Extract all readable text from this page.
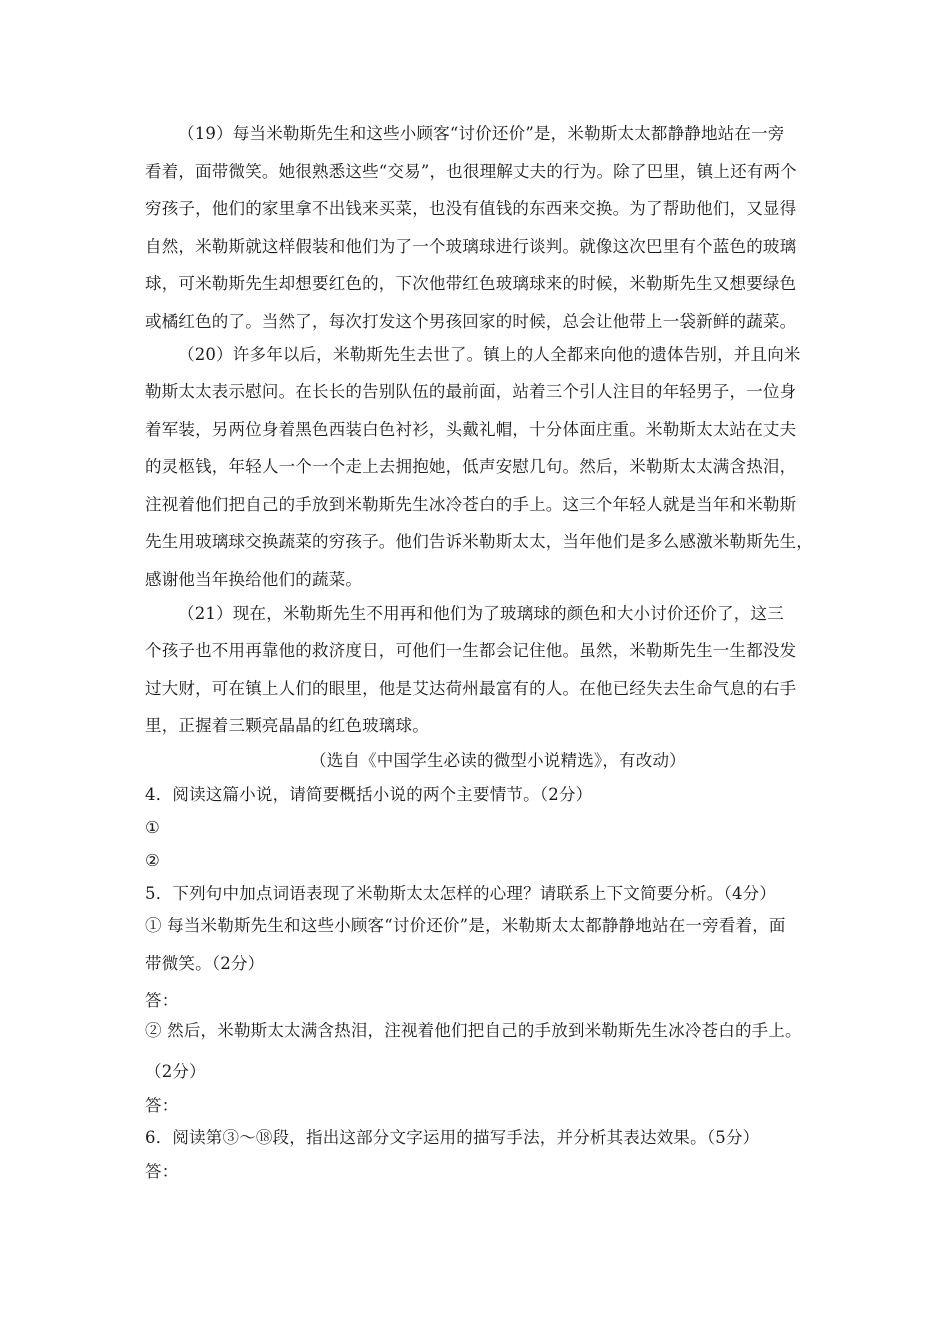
（19）每当米勒斯先生和这些小顾客“讨价还价”是，米勒斯太太都静静地站在一旁
看着，面带微笑。她很熟悉这些“交易”，也很理解丈夫的行为。除了巴里，镇上还有两个
穷孩子，他们的家里拿不出钱来买菜，也没有值钱的东西来交换。为了帮助他们，又显得
自然，米勒斯就这样假装和他们为了一个玻璃球进行谈判。就像这次巴里有个蓝色的玻璃
球，可米勒斯先生却想要红色的，下次他带红色玻璃球来的时候，米勒斯先生又想要绿色
或橘红色的了。当然了，每次打发这个男孩回家的时候，总会让他带上一袋新鲜的蔬菜。
（20）许多年以后，米勒斯先生去世了。镇上的人全都来向他的遗体告别，并且向米
勒斯太太表示慰问。在长长的告别队伍的最前面，站着三个引人注目的年轻男子，一位身
着军装，另两位身着黑色西装白色衬衫，头戴礼帽，十分体面庄重。米勒斯太太站在丈夫
的灵柩钱，年轻人一个一个走上去拥抱她，低声安慰几句。然后，米勒斯太太满含热泪，
注视着他们把自己的手放到米勒斯先生冰冷苍白的手上。这三个年轻人就是当年和米勒斯
先生用玻璃球交换蔬菜的穷孩子。他们告诉米勒斯太太，当年他们是多么感激米勒斯先生，
感谢他当年换给他们的蔬菜。
（21）现在，米勒斯先生不用再和他们为了玻璃球的颜色和大小讨价还价了，这三
个孩子也不用再靠他的救济度日，可他们一生都会记住他。虽然，米勒斯先生一生都没发
过大财，可在镇上人们的眼里，他是艾达荷州最富有的人。在他已经失去生命气息的右手
里，正握着三颗亮晶晶的红色玻璃球。
（选自《中国学生必读的微型小说精选》，有改动）
4．阅读这篇小说，请简要概括小说的两个主要情节。（2分）
①
②
5．下列句中加点词语表现了米勒斯太太怎样的心理？请联系上下文简要分析。（4分）
① 每当米勒斯先生和这些小顾客“讨价还价”是，米勒斯太太都静静地站在一旁看着，面
带微笑。（2分）
答：
② 然后，米勒斯太太满含热泪，注视着他们把自己的手放到米勒斯先生冰冷苍白的手上。
（2分）
答：
6．阅读第③～⑱段，指出这部分文字运用的描写手法，并分析其表达效果。（5分）
答：
